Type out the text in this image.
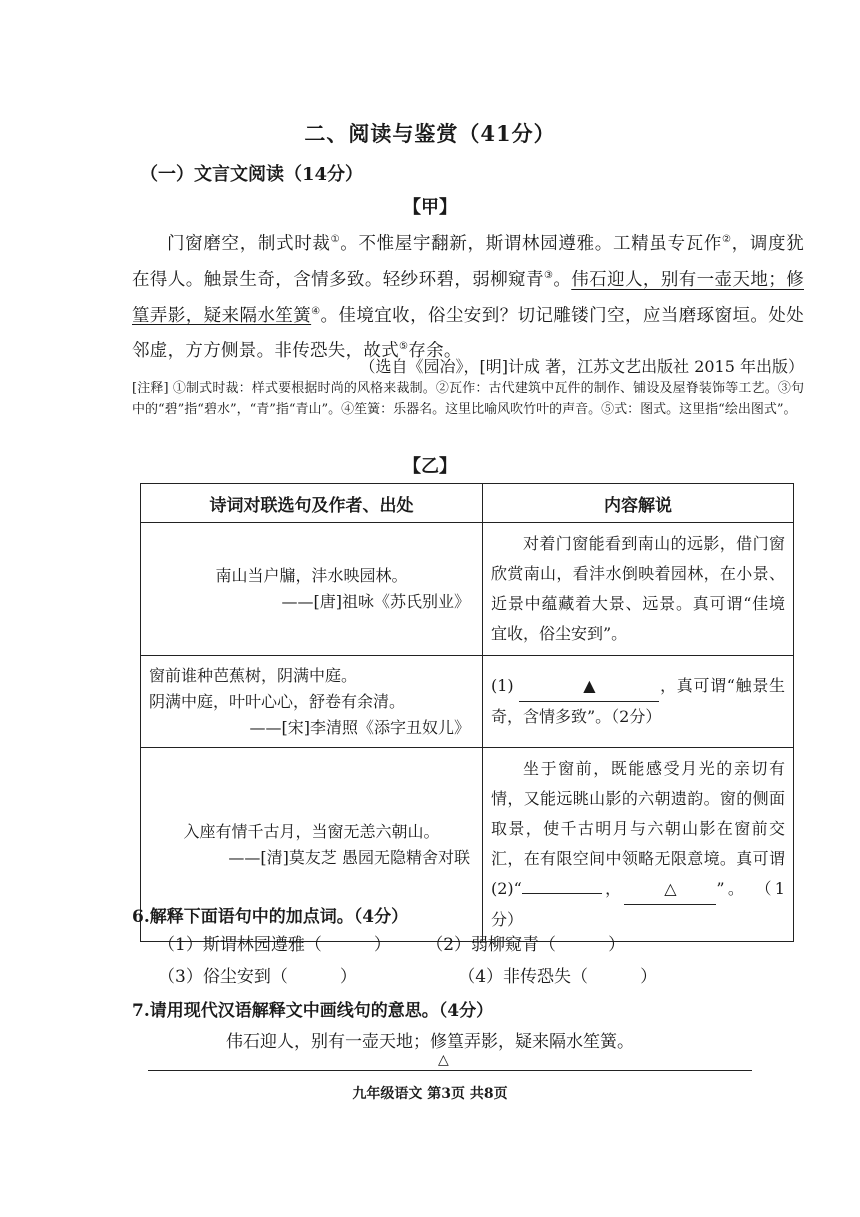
二、阅读与鉴赏（41分）
（一）文言文阅读（14分）
【甲】
门窗磨空，制式时裁①。不惟屋宇翻新，斯谓林园遵雅。工精虽专瓦作②，调度犹在得人。触景生奇，含情多致。轻纱环碧，弱柳窥青③。伟石迎人，别有一壶天地；修篁弄影，疑来隔水笙簧④。佳境宜收，俗尘安到？切记雕镂门空，应当磨琢窗垣。处处邻虚，方方侧景。非传恐失，故式⑤存余。
（选自《园冶》，[明]计成 著，江苏文艺出版社 2015 年出版）
[注释] ①制式时裁：样式要根据时尚的风格来裁制。②瓦作：古代建筑中瓦件的制作、铺设及屋脊装饰等工艺。③句中的“碧”指“碧水”，“青”指“青山”。④笙簧：乐器名。这里比喻风吹竹叶的声音。⑤式：图式。这里指“绘出图式”。
【乙】
诗词对联选句及作者、出处	内容解说
南山当户牖，沣水映园林。
——[唐]祖咏《苏氏别业》	对着门窗能看到南山的远影，借门窗欣赏南山，看沣水倒映着园林，在小景、近景中蕴藏着大景、远景。真可谓“佳境宜收，俗尘安到”。
窗前谁种芭蕉树，阴满中庭。
阴满中庭，叶叶心心，舒卷有余清。
——[宋]李清照《添字丑奴儿》	(1) ▲ ，真可谓“触景生奇，含情多致”。（2分）
入座有情千古月，当窗无恙六朝山。
——[清]莫友芝 愚园无隐精舍对联	坐于窗前，既能感受月光的亲切有情，又能远眺山影的六朝遗韵。窗的侧面取景，使千古明月与六朝山影在窗前交汇，在有限空间中领略无限意境。真可谓(2)“ ， △ ”。 （1分）
6.解释下面语句中的加点词。（4分）
（1）斯谓林园遵雅（	） （2）弱柳窥青（	）
（3）俗尘安到（	）	（4）非传恐失（	）
7.请用现代汉语解释文中画线句的意思。（4分）
伟石迎人，别有一壶天地；修篁弄影，疑来隔水笙簧。
△
九年级语文 第3页 共8页
